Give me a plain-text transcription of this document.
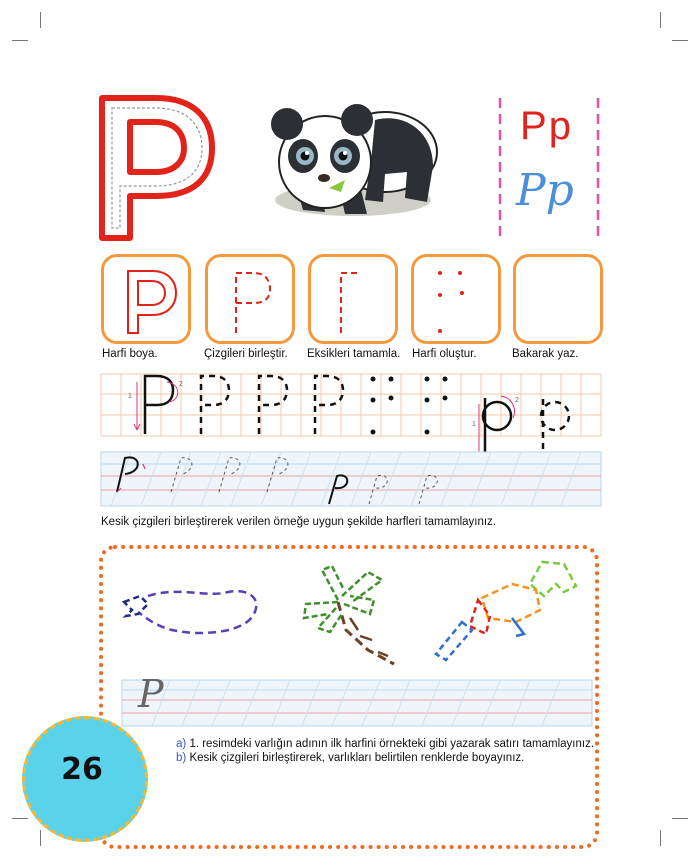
Pp
Pp
Harfi boya.	Çizgileri birleştir. Eksikleri tamamla. Harfi oluştur.	Bakarak yaz.
1
2
1
2
Kesik çizgileri birleştirerek verilen örneğe uygun şekilde harfleri tamamlayınız.
P
a) 1. resimdeki varlığın adının ilk harfini örnekteki gibi yazarak satırı tamamlayınız.
b) Kesik çizgileri birleştirerek, varlıkları belirtilen renklerde boyayınız.
26
